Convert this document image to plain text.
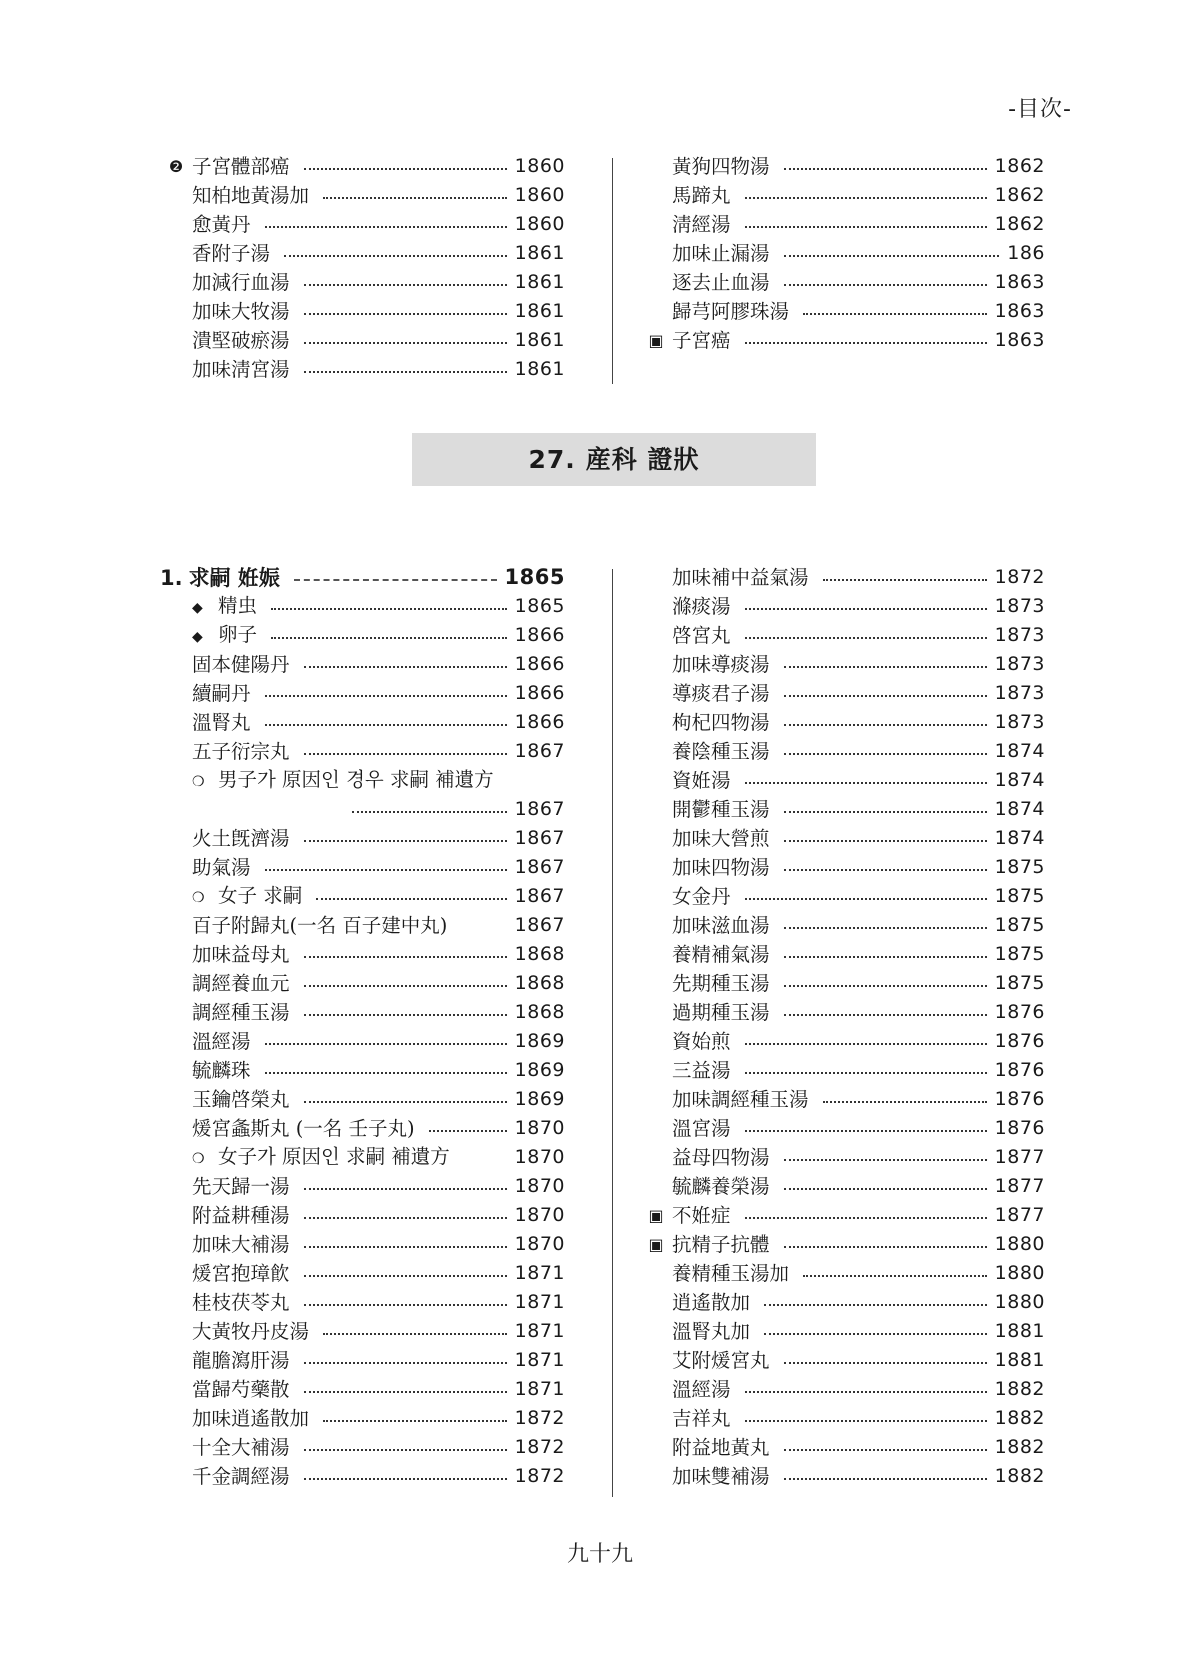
-目次-
❷ 子宮體部癌	1860
知柏地黃湯加	1860
愈黃丹	1860
香附子湯	1861
加減行血湯	1861
加味大牧湯	1861
潰堅破瘀湯	1861
加味淸宮湯	1861
黃狗四物湯	1862
馬蹄丸	1862
淸經湯	1862
加味止漏湯	186
逐去止血湯	1863
歸芎阿膠珠湯	1863
▣ 子宮癌	1863
27. 産科 證狀
1. 求嗣 姙娠	1865
◆ 精虫	1865
◆ 卵子	1866
固本健陽丹	1866
續嗣丹	1866
溫腎丸	1866
五子衍宗丸	1867
❍ 男子가 原因인 경우 求嗣 補遺方
1867
火土旣濟湯	1867
助氣湯	1867
❍ 女子 求嗣	1867
百子附歸丸(一名 百子建中丸)	1867
加味益母丸	1868
調經養血元	1868
調經種玉湯	1868
溫經湯	1869
毓麟珠	1869
玉鑰啓榮丸	1869
煖宮螽斯丸 (一名 壬子丸)	1870
❍ 女子가 原因인 求嗣 補遺方	1870
先天歸一湯	1870
附益耕種湯	1870
加味大補湯	1870
煖宮抱璋飮	1871
桂枝茯苓丸	1871
大黃牧丹皮湯	1871
龍膽瀉肝湯	1871
當歸芍藥散	1871
加味逍遙散加	1872
十全大補湯	1872
千金調經湯	1872
加味補中益氣湯	1872
滌痰湯	1873
啓宮丸	1873
加味導痰湯	1873
導痰君子湯	1873
枸杞四物湯	1873
養陰種玉湯	1874
資姙湯	1874
開鬱種玉湯	1874
加味大營煎	1874
加味四物湯	1875
女金丹	1875
加味滋血湯	1875
養精補氣湯	1875
先期種玉湯	1875
過期種玉湯	1876
資始煎	1876
三益湯	1876
加味調經種玉湯	1876
溫宮湯	1876
益母四物湯	1877
毓麟養榮湯	1877
▣ 不姙症	1877
▣ 抗精子抗體	1880
養精種玉湯加	1880
逍遙散加	1880
溫腎丸加	1881
艾附煖宮丸	1881
溫經湯	1882
吉祥丸	1882
附益地黃丸	1882
加味雙補湯	1882
九十九
